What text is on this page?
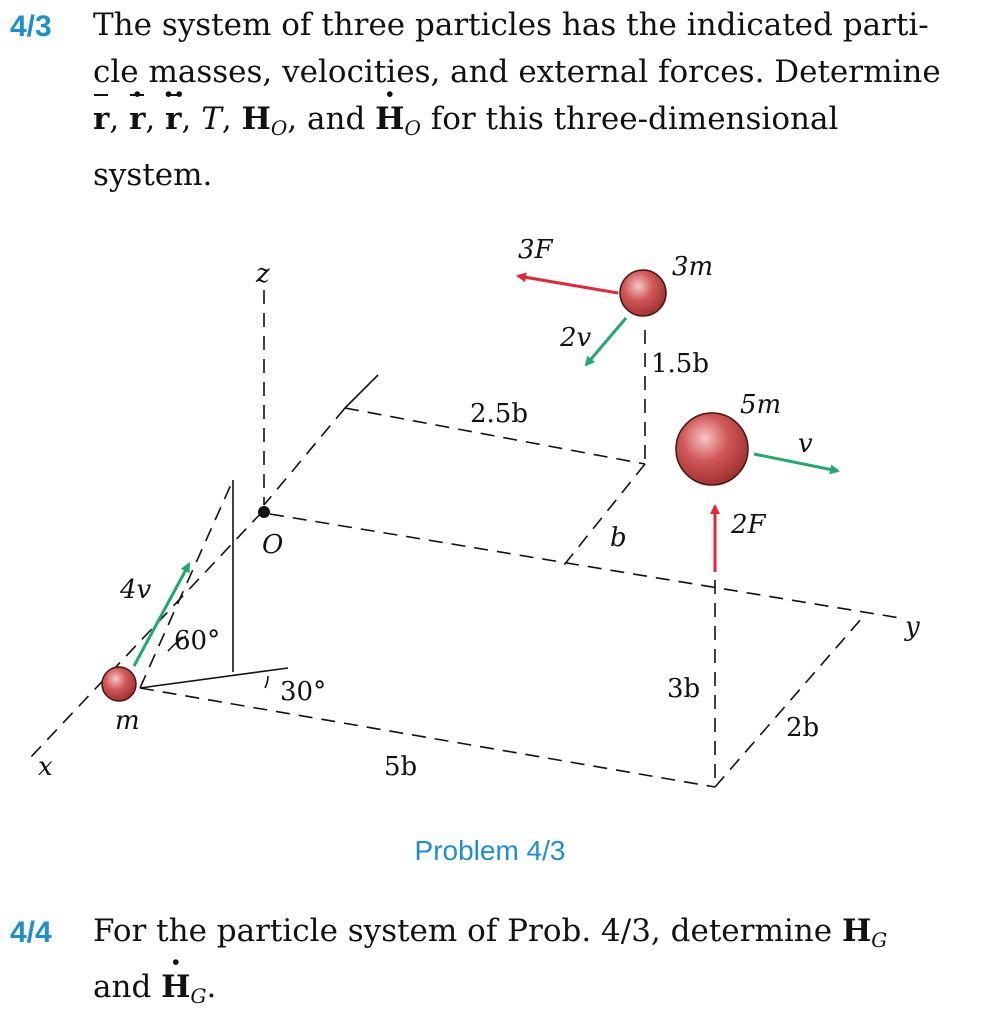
4/3 The system of three particles has the indicated parti-
cle masses, velocities, and external forces. Determine
r, · r, ·· r, T, $H_O$, and · $H_O$ for this three-dimensional
system.
z
y
x
O
3F
3m
2v
1.5b
2.5b	5m
v
2F
b
4v
60°
30°	3b
2b
m
5b
Problem 4/3
4/4 For the particle system of Prob. 4/3, determine $H_G$
and · $H_G$.
